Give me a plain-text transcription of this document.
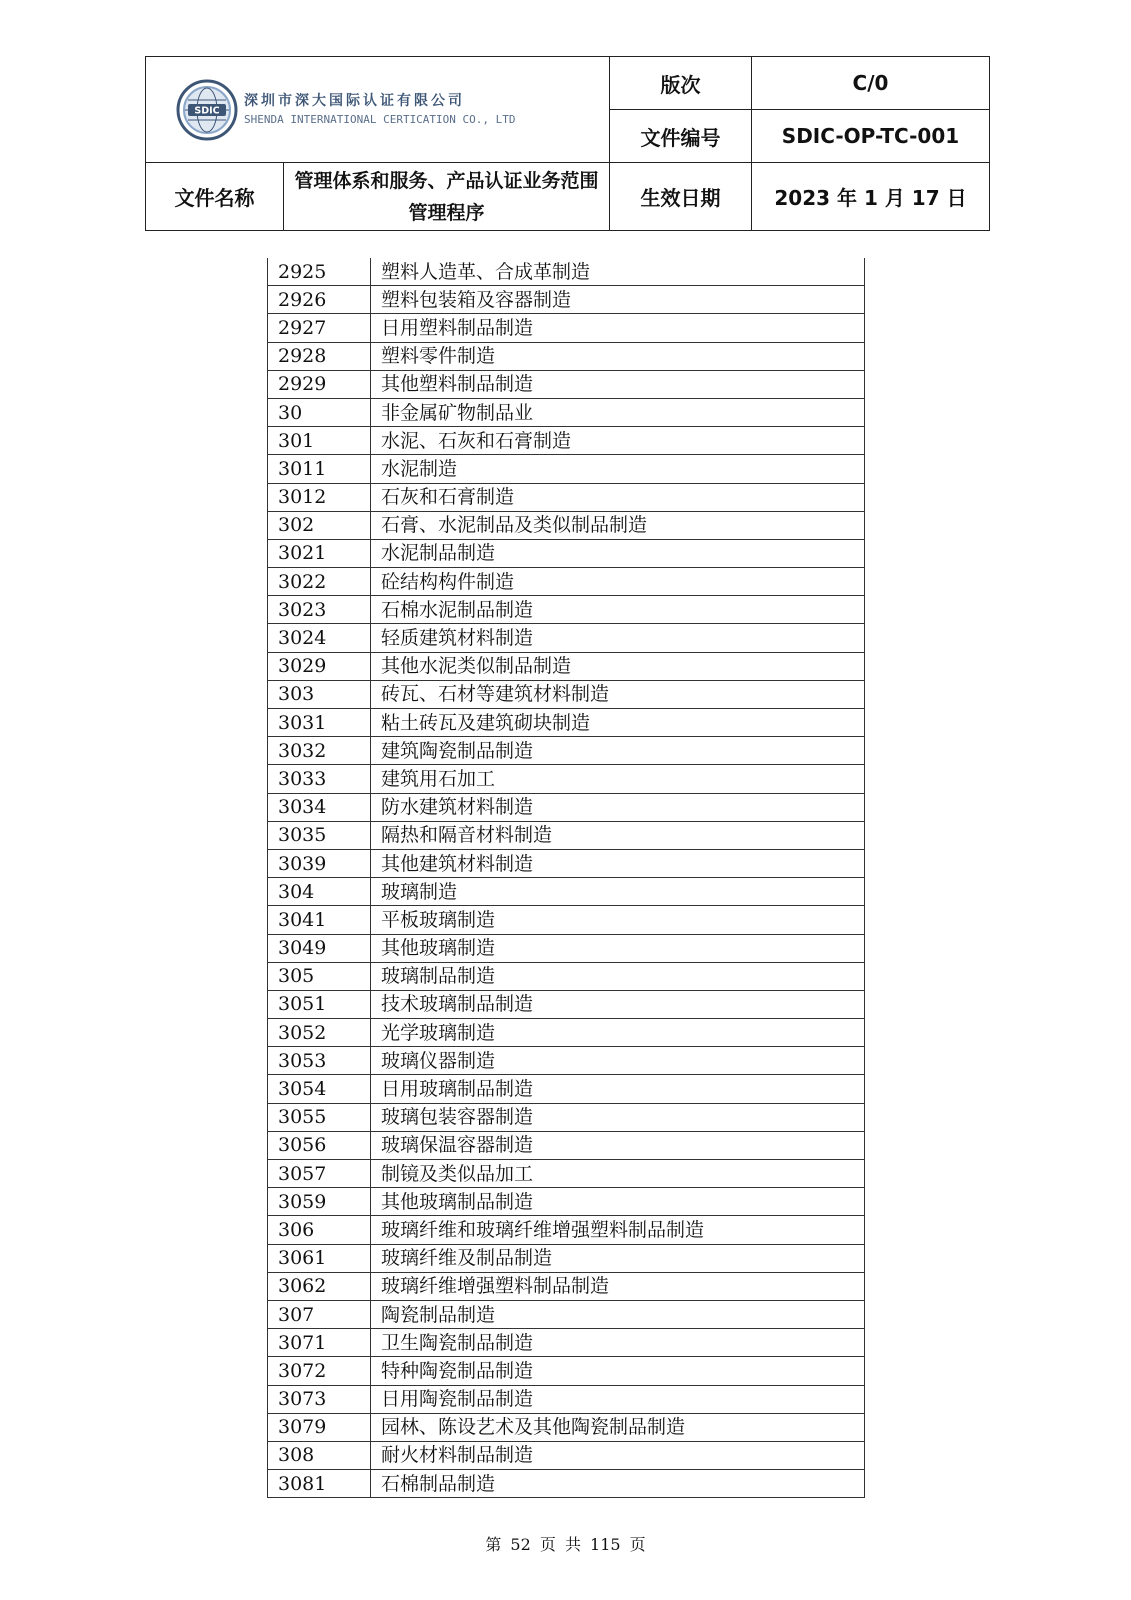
SDIC
深圳市深大国际认证有限公司
SHENDA INTERNATIONAL CERTICATION CO., LTD		版次	C/0
		文件编号	SDIC-OP-TC-001
文件名称	管理体系和服务、产品认证业务范围管理程序	生效日期	2023 年 1 月 17 日
2925	塑料人造革、合成革制造
2926	塑料包装箱及容器制造
2927	日用塑料制品制造
2928	塑料零件制造
2929	其他塑料制品制造
30	非金属矿物制品业
301	水泥、石灰和石膏制造
3011	水泥制造
3012	石灰和石膏制造
302	石膏、水泥制品及类似制品制造
3021	水泥制品制造
3022	砼结构构件制造
3023	石棉水泥制品制造
3024	轻质建筑材料制造
3029	其他水泥类似制品制造
303	砖瓦、石材等建筑材料制造
3031	粘土砖瓦及建筑砌块制造
3032	建筑陶瓷制品制造
3033	建筑用石加工
3034	防水建筑材料制造
3035	隔热和隔音材料制造
3039	其他建筑材料制造
304	玻璃制造
3041	平板玻璃制造
3049	其他玻璃制造
305	玻璃制品制造
3051	技术玻璃制品制造
3052	光学玻璃制造
3053	玻璃仪器制造
3054	日用玻璃制品制造
3055	玻璃包装容器制造
3056	玻璃保温容器制造
3057	制镜及类似品加工
3059	其他玻璃制品制造
306	玻璃纤维和玻璃纤维增强塑料制品制造
3061	玻璃纤维及制品制造
3062	玻璃纤维增强塑料制品制造
307	陶瓷制品制造
3071	卫生陶瓷制品制造
3072	特种陶瓷制品制造
3073	日用陶瓷制品制造
3079	园林、陈设艺术及其他陶瓷制品制造
308	耐火材料制品制造
3081	石棉制品制造
第 52 页 共 115 页
